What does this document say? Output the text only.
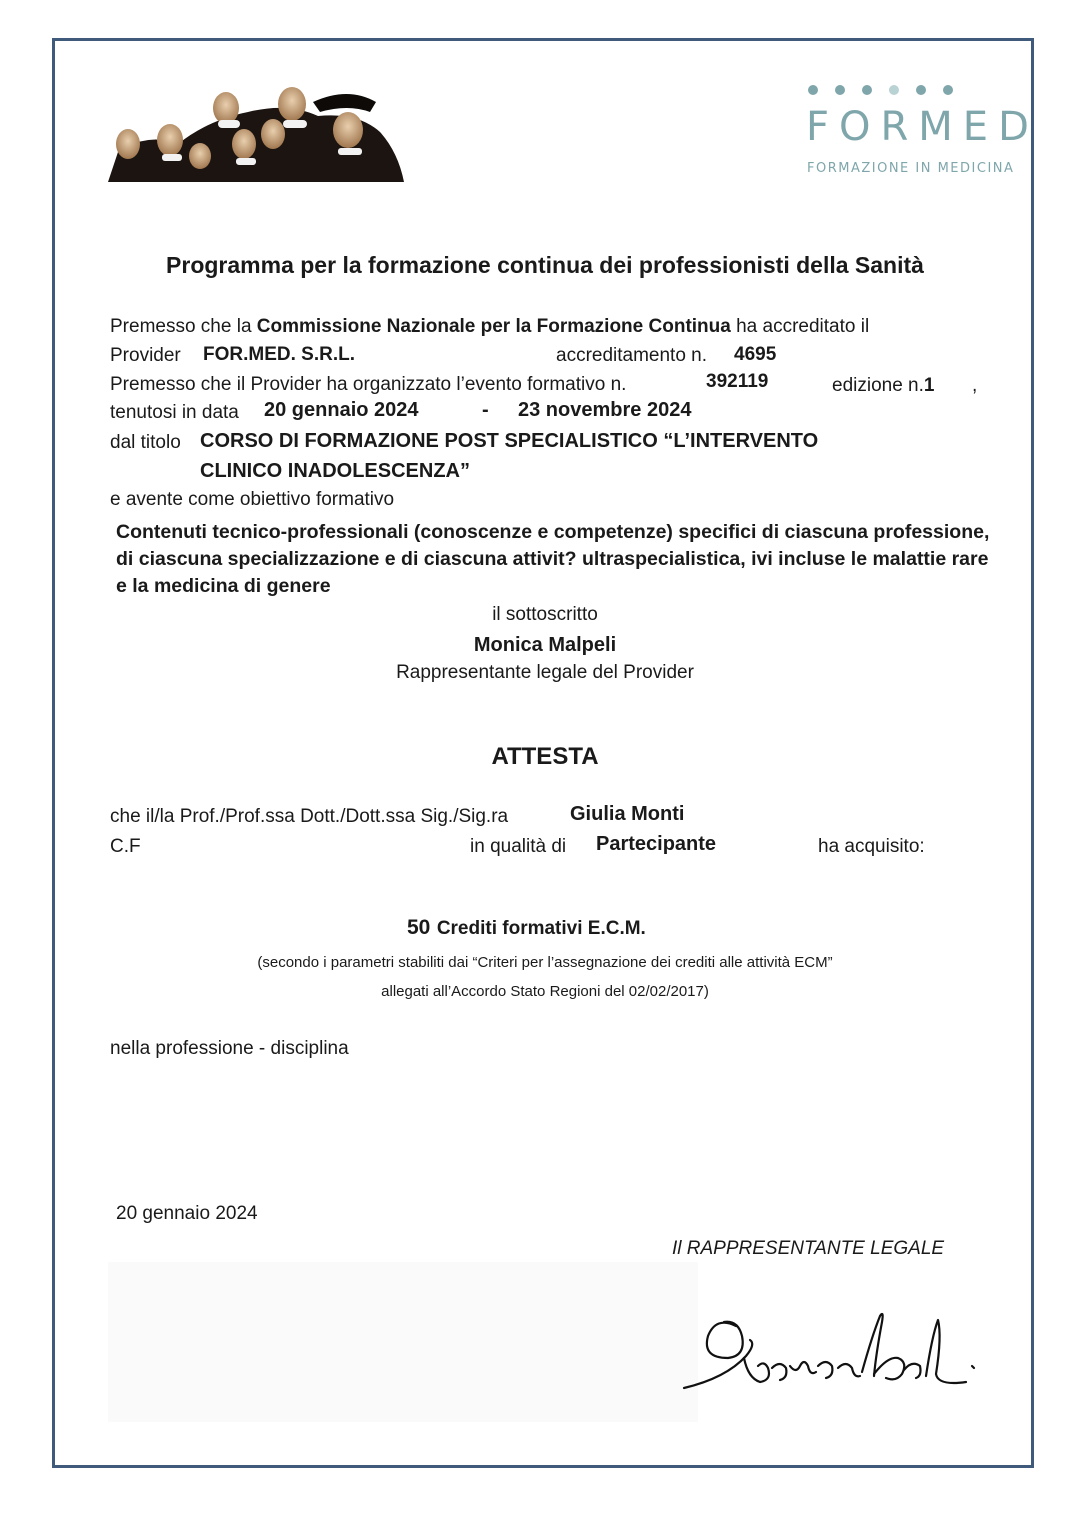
FORMED
FORMAZIONE IN MEDICINA
Programma per la formazione continua dei professionisti della Sanità
Premesso che la Commissione Nazionale per la Formazione Continua ha accreditato il
Provider FOR.MED. S.R.L.	accreditamento n. 4695
Premesso che il Provider ha organizzato l’evento formativo n.	392119	edizione n.1 ,
tenutosi in data 20 gennaio 2024	- 23 novembre 2024
dal titolo CORSO DI FORMAZIONE POST SPECIALISTICO “L’INTERVENTO
CLINICO INADOLESCENZA”
e avente come obiettivo formativo
Contenuti tecnico-professionali (conoscenze e competenze) specifici di ciascuna professione, di ciascuna specializzazione e di ciascuna attivit? ultraspecialistica, ivi incluse le malattie rare e la medicina di genere
il sottoscritto
Monica Malpeli
Rappresentante legale del Provider
ATTESTA
che il/la Prof./Prof.ssa Dott./Dott.ssa Sig./Sig.ra	Giulia Monti
C.F	in qualità di Partecipante	ha acquisito:
50 Crediti formativi E.C.M.
(secondo i parametri stabiliti dai “Criteri per l’assegnazione dei crediti alle attività ECM”
allegati all’Accordo Stato Regioni del 02/02/2017)
nella professione - disciplina
20 gennaio 2024
Il RAPPRESENTANTE LEGALE
